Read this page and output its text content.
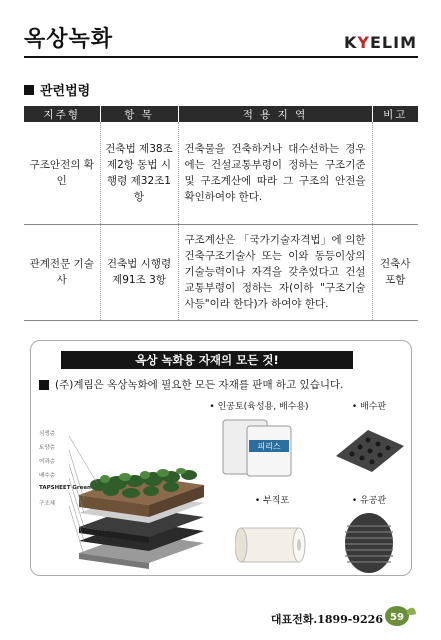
옥상녹화	KYELIM
관련법령
지주형	항 목	적 용 지 역	비고
구조안전의 확인	건축법 제38조 제2항 동법 시행령 제32조1항	건축물을 건축하거나 대수선하는 경우에는 건설교통부령이 정하는 구조기준 및 구조계산에 따라 그 구조의 안전을 확인하여야 한다.	
관계전문 기술사	건축법 시행령 제91조 3항	구조계산은 「국가기술자격법」에 의한 건축구조기술사 또는 이와 동등이상의 기술능력이나 자격을 갖추었다고 건설교통부령이 정하는 자(이하 "구조기술사등"이라 한다)가 하여야 한다.	건축사 포함
옥상 녹화용 자재의 모든 것!
(주)계림은 옥상녹화에 필요한 모든 자재를 판매 하고 있습니다.
식생층
토양층
여과층
배수층
TAPSHEET Green
구조체
• 인공토(육성용, 배수용)
피리스
• 배수판
• 부직포	• 유공관
대표전화.1899-9226 59
